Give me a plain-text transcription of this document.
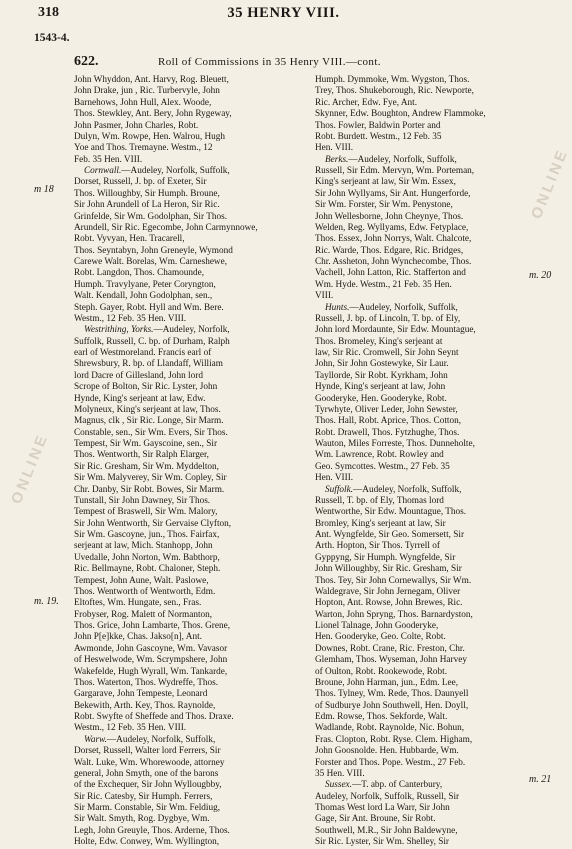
318	35 HENRY VIII.
1543-4.
622.	Roll of Commissions in 35 Henry VIII.—cont.
ONLINE
ONLINE
m 18
m. 19.
m. 20
m. 21
John Whyddon, Ant. Harvy, Rog. Bleuett,
John Drake, jun , Ric. Turbervyle, John
Barnehows, John Hull, Alex. Woode,
Thos. Stewkley, Ant. Bery, John Rygeway,
John Pasmer, John Charles, Robt.
Dulyn, Wm. Rowpe, Hen. Walrou, Hugh
Yoe and Thos. Tremayne. Westm., 12
Feb. 35 Hen. VIII.
Cornwall.—Audeley, Norfolk, Suffolk,
Dorset, Russell, J. bp. of Exeter, Sir
Thos. Willoughby, Sir Humph. Broune,
Sir John Arundell of La Heron, Sir Ric.
Grinfelde, Sir Wm. Godolphan, Sir Thos.
Arundell, Sir Ric. Egecombe, John Carmynnowe,
Robt. Vyvyan, Hen. Tracarell,
Thos. Seyntabyn, John Greneyle, Wymond
Carewe Walt. Borelas, Wm. Carneshewe,
Robt. Langdon, Thos. Chamounde,
Humph. Travylyane, Peter Coryngton,
Walt. Kendall, John Godolphan, sen.,
Steph. Gayer, Robt. Hyll and Wm. Bere.
Westm., 12 Feb. 35 Hen. VIII.
Westrithing, Yorks.—Audeley, Norfolk,
Suffolk, Russell, C. bp. of Durham, Ralph
earl of Westmoreland. Francis earl of
Shrewsbury, R. bp. of Llandaff, William
lord Dacre of Gillesland, John lord
Scrope of Bolton, Sir Ric. Lyster, John
Hynde, King's serjeant at law, Edw.
Molyneux, King's serjeant at law, Thos.
Magnus, clk , Sir Ric. Longe, Sir Marm.
Constable, sen., Sir Wm. Evers, Sir Thos.
Tempest, Sir Wm. Gayscoine, sen., Sir
Thos. Wentworth, Sir Ralph Elarger,
Sir Ric. Gresham, Sir Wm. Myddelton,
Sir Wm. Malyverey, Sir Wm. Copley, Sir
Chr. Danby, Sir Robt. Bowes, Sir Marm.
Tunstall, Sir John Dawney, Sir Thos.
Tempest of Braswell, Sir Wm. Malory,
Sir John Wentworth, Sir Gervaise Clyfton,
Sir Wm. Gascoyne, jun., Thos. Fairfax,
serjeant at law, Mich. Stanhopp, John
Uvedalle, John Norton, Wm. Babthorp,
Ric. Bellmayne, Robt. Chaloner, Steph.
Tempest, John Aune, Walt. Paslowe,
Thos. Wentworth of Wentworth, Edm.
Eltoftes, Wm. Hungate, sen., Fras.
Frobyser, Rog. Malett of Normanton,
Thos. Grice, John Lambarte, Thos. Grene,
John P[e]kke, Chas. Jakso[n], Ant.
Awmonde, John Gascoyne, Wm. Vavasor
of Heswelwode, Wm. Scrympshere, John
Wakefelde, Hugh Wyrall, Wm. Tankarde,
Thos. Waterton, Thos. Wydreffe, Thos.
Gargarave, John Tempeste, Leonard
Bekewith, Arth. Key, Thos. Raynolde,
Robt. Swyfte of Sheffede and Thos. Draxe.
Westm., 12 Feb. 35 Hen. VIII.
Warw.—Audeley, Norfolk, Suffolk,
Dorset, Russell, Walter lord Ferrers, Sir
Walt. Luke, Wm. Whorewoode, attorney
general, John Smyth, one of the barons
of the Exchequer, Sir John Wyllougbby,
Sir Ric. Catesby, Sir Humph. Ferrers,
Sir Marm. Constable, Sir Wm. Feldiug,
Sir Walt. Smyth, Rog. Dygbye, Wm.
Legh, John Greuyle, Thos. Arderne, Thos.
Holte, Edw. Conwey, Wm. Wyllington,
Humph. Dymmoke, Wm. Wygston, Thos.
Trey, Thos. Shukeborough, Ric. Newporte,
Ric. Archer, Edw. Fye, Ant.
Skynner, Edw. Boughton, Andrew Flammoke,
Thos. Fowler, Baldwin Porter and
Robt. Burdett. Westm., 12 Feb. 35
Hen. VIII.
Berks.—Audeley, Norfolk, Suffolk,
Russell, Sir Edm. Mervyn, Wm. Porteman,
King's serjeant at law, Sir Wm. Essex,
Sir John Wyllyams, Sir Ant. Hungerforde,
Sir Wm. Forster, Sir Wm. Penystone,
John Wellesborne, John Cheynye, Thos.
Welden, Reg. Wyllyams, Edw. Fetyplace,
Thos. Essex, John Norrys, Walt. Chalcote,
Ric. Warde, Thos. Edgare, Ric. Bridges,
Chr. Assheton, John Wynchecombe, Thos.
Vachell, John Latton, Ric. Stafferton and
Wm. Hyde. Westm., 21 Feb. 35 Hen.
VIII.
Hunts.—Audeley, Norfolk, Suffolk,
Russell, J. bp. of Lincoln, T. bp. of Ely,
John lord Mordaunte, Sir Edw. Mountague,
Thos. Bromeley, King's serjeant at
law, Sir Ric. Cromwell, Sir John Seynt
John, Sir John Gostewyke, Sir Laur.
Tayllorde, Sir Robt. Kyrkham, John
Hynde, King's serjeant at law, John
Gooderyke, Hen. Gooderyke, Robt.
Tyrwhyte, Oliver Leder, John Sewster,
Thos. Hall, Robt. Aprice, Thos. Cotton,
Robt. Drawell, Thos. Fytzhughe, Thos.
Wauton, Miles Forreste, Thos. Dunneholte,
Wm. Lawrence, Robt. Rowley and
Geo. Symcottes. Westm., 27 Feb. 35
Hen. VIII.
Suffolk.—Audeley, Norfolk, Suffolk,
Russell, T. bp. of Ely, Thomas lord
Wentworthe, Sir Edw. Mountague, Thos.
Bromley, King's serjeant at law, Sir
Ant. Wyngfelde, Sir Geo. Somersett, Sir
Arth. Hopton, Sir Thos. Tyrrell of
Gyppyng, Sir Humph. Wyngfelde, Sir
John Willoughby, Sir Ric. Gresham, Sir
Thos. Tey, Sir John Cornewallys, Sir Wm.
Waldegrave, Sir John Jernegam, Oliver
Hopton, Ant. Rowse, John Brewes, Ric.
Warton, John Spryng, Thos. Barnardyston,
Lionel Talnage, John Gooderyke,
Hen. Gooderyke, Geo. Colte, Robt.
Downes, Robt. Crane, Ric. Freston, Chr.
Glemham, Thos. Wyseman, John Harvey
of Oulton, Robt. Rookewode, Robt.
Broune, John Harman, jun., Edm. Lee,
Thos. Tylney, Wm. Rede, Thos. Daunyell
of Sudburye John Southwell, Hen. Doyll,
Edm. Rowse, Thos. Sekforde, Walt.
Wadlande, Robt. Raynolde, Nic. Bohun,
Fras. Clopton, Robt. Ryse. Clem. Higham,
John Goosnolde. Hen. Hubbarde, Wm.
Forster and Thos. Pope. Westm., 27 Feb.
35 Hen. VIII.
Sussex.—T. abp. of Canterbury,
Audeley, Norfolk, Suffolk, Russell, Sir
Thomas West lord La Warr, Sir John
Gage, Sir Ant. Broune, Sir Robt.
Southwell, M.R., Sir John Baldewyne,
Sir Ric. Lyster, Sir Wm. Shelley, Sir
